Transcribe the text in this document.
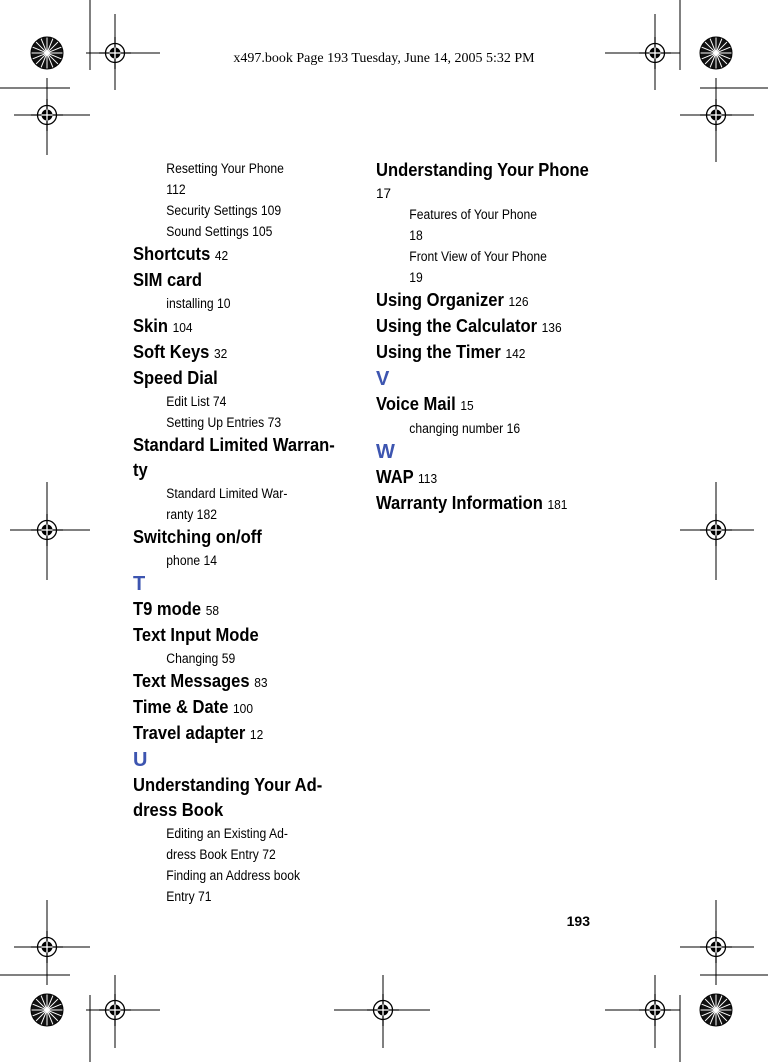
x497.book Page 193 Tuesday, June 14, 2005 5:32 PM
Resetting Your Phone
112
Security Settings 109
Sound Settings 105
Shortcuts 42
SIM card
installing 10
Skin 104
Soft Keys 32
Speed Dial
Edit List 74
Setting Up Entries 73
Standard Limited Warran-
ty
Standard Limited War-
ranty 182
Switching on/off
phone 14
T
T9 mode 58
Text Input Mode
Changing 59
Text Messages 83
Time & Date 100
Travel adapter 12
U
Understanding Your Ad-
dress Book
Editing an Existing Ad-
dress Book Entry 72
Finding an Address book
Entry 71
Understanding Your Phone
17
Features of Your Phone
18
Front View of Your Phone
19
Using Organizer 126
Using the Calculator 136
Using the Timer 142
V
Voice Mail 15
changing number 16
W
WAP 113
Warranty Information 181
193
